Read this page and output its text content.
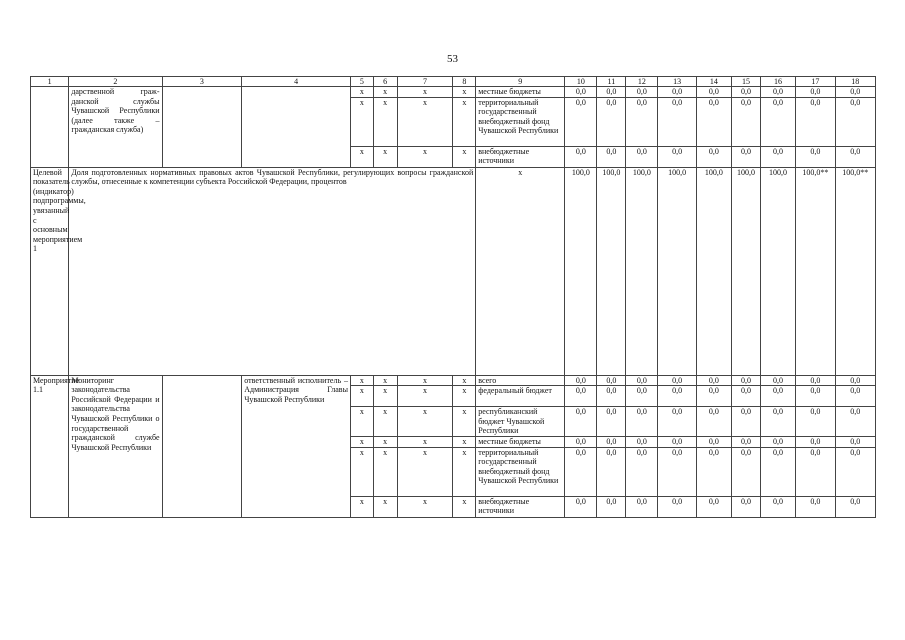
53
1	2	3	4	5	6	7	8	9	10	11	12	13	14	15	16	17	18
	дарственной граж-данской службы Чувашской Республики (далее также – гражданская служба)			x	x	x	x	местные бюджеты	0,0	0,0	0,0	0,0	0,0	0,0	0,0	0,0	0,0
				x	x	x	x	территориальный государственный внебюджетный фонд Чувашской Республики	0,0	0,0	0,0	0,0	0,0	0,0	0,0	0,0	0,0
				x	x	x	x	внебюджетные источники	0,0	0,0	0,0	0,0	0,0	0,0	0,0	0,0	0,0
Целевой показатель (индикатор) подпрограммы, увязанный с основным мероприятием 1	Доля подготовленных нормативных правовых актов Чувашской Республики, регулирующих вопросы гражданской службы, отнесенные к компетенции субъекта Российской Федерации, процентов							x	100,0	100,0	100,0	100,0	100,0	100,0	100,0	100,0**	100,0**
Мероприятие 1.1	Мониторинг законодательства Российской Федерации и законодательства Чувашской Республики о государственной гражданской службе Чувашской Республики		ответственный исполнитель – Администрация Главы Чувашской Республики	x	x	x	x	всего	0,0	0,0	0,0	0,0	0,0	0,0	0,0	0,0	0,0
				x	x	x	x	федеральный бюджет	0,0	0,0	0,0	0,0	0,0	0,0	0,0	0,0	0,0
				x	x	x	x	республиканский бюджет Чувашской Республики	0,0	0,0	0,0	0,0	0,0	0,0	0,0	0,0	0,0
				x	x	x	x	местные бюджеты	0,0	0,0	0,0	0,0	0,0	0,0	0,0	0,0	0,0
				x	x	x	x	территориальный государственный внебюджетный фонд Чувашской Республики	0,0	0,0	0,0	0,0	0,0	0,0	0,0	0,0	0,0
				x	x	x	x	внебюджетные источники	0,0	0,0	0,0	0,0	0,0	0,0	0,0	0,0	0,0
